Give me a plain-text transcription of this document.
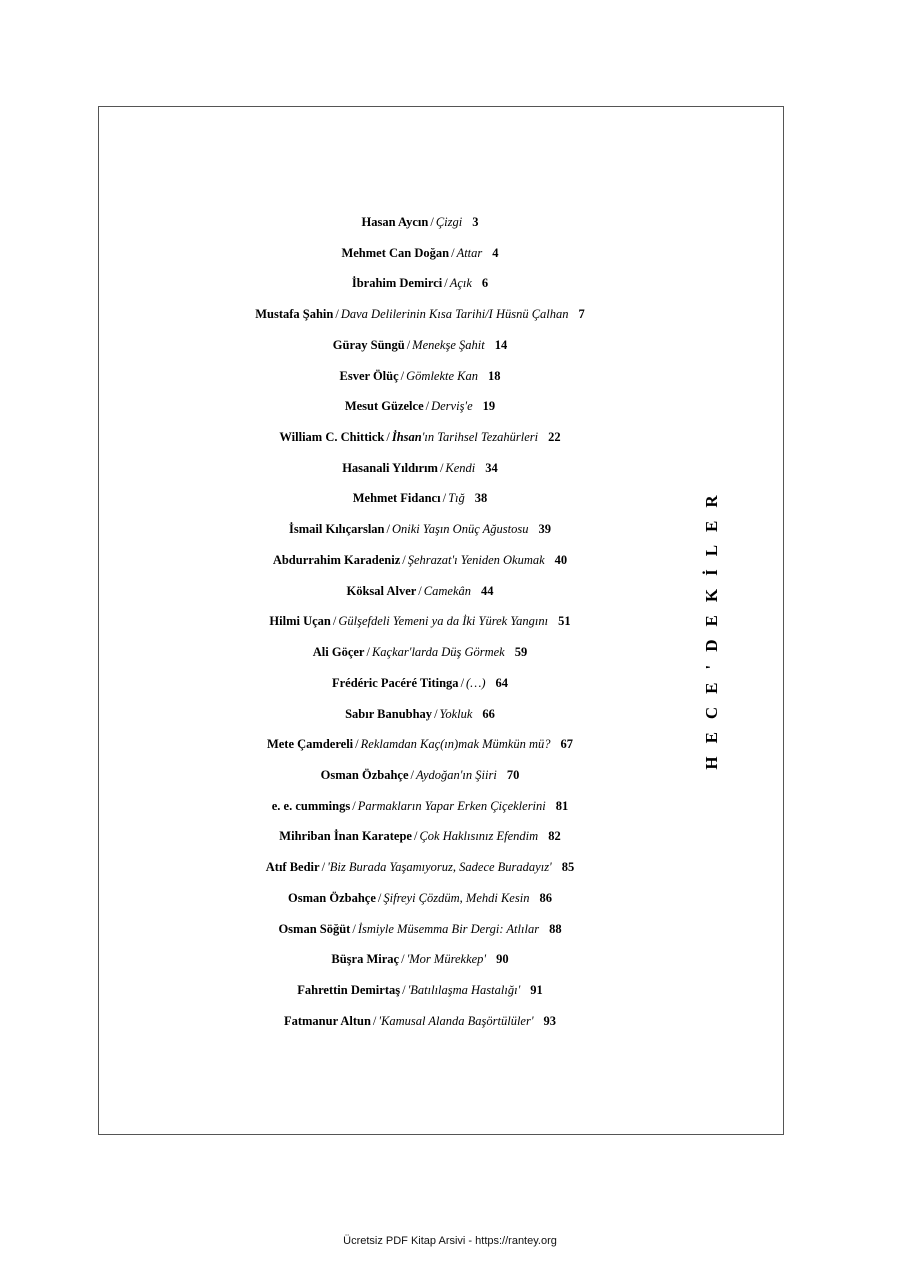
Hasan Aycın / Çizgi 3
Mehmet Can Doğan / Attar 4
İbrahim Demirci / Açık 6
Mustafa Şahin / Dava Delilerinin Kısa Tarihi/I Hüsnü Çalhan 7
Güray Süngü / Menekşe Şahit 14
Esver Ölüç / Gömlekte Kan 18
Mesut Güzelce / Derviş'e 19
William C. Chittick / İhsan'ın Tarihsel Tezahürleri 22
Hasanali Yıldırım / Kendi 34
Mehmet Fidancı / Tığ 38
İsmail Kılıçarslan / Oniki Yaşın Onüç Ağustosu 39
Abdurrahim Karadeniz / Şehrazat'ı Yeniden Okumak 40
Köksal Alver / Camekân 44
Hilmi Uçan / Gülşefdeli Yemeni ya da İki Yürek Yangını 51
Ali Göçer / Kaçkar'larda Düş Görmek 59
Frédéric Pacéré Titinga / (…) 64
Sabır Banubhay / Yokluk 66
Mete Çamdereli / Reklamdan Kaç(ın)mak Mümkün mü? 67
Osman Özbahçe / Aydoğan'ın Şiiri 70
e. e. cummings / Parmakların Yapar Erken Çiçeklerini 81
Mihriban İnan Karatepe / Çok Haklısınız Efendim 82
Atıf Bedir / 'Biz Burada Yaşamıyoruz, Sadece Buradayız' 85
Osman Özbahçe / Şifreyi Çözdüm, Mehdi Kesin 86
Osman Söğüt / İsmiyle Müsemma Bir Dergi: Atlılar 88
Büşra Miraç / 'Mor Mürekkep' 90
Fahrettin Demirtaş / 'Batılılaşma Hastalığı' 91
Fatmanur Altun / 'Kamusal Alanda Başörtülüler' 93
HECE'DEKİLER
Ücretsiz PDF Kitap Arsivi - https://rantey.org
